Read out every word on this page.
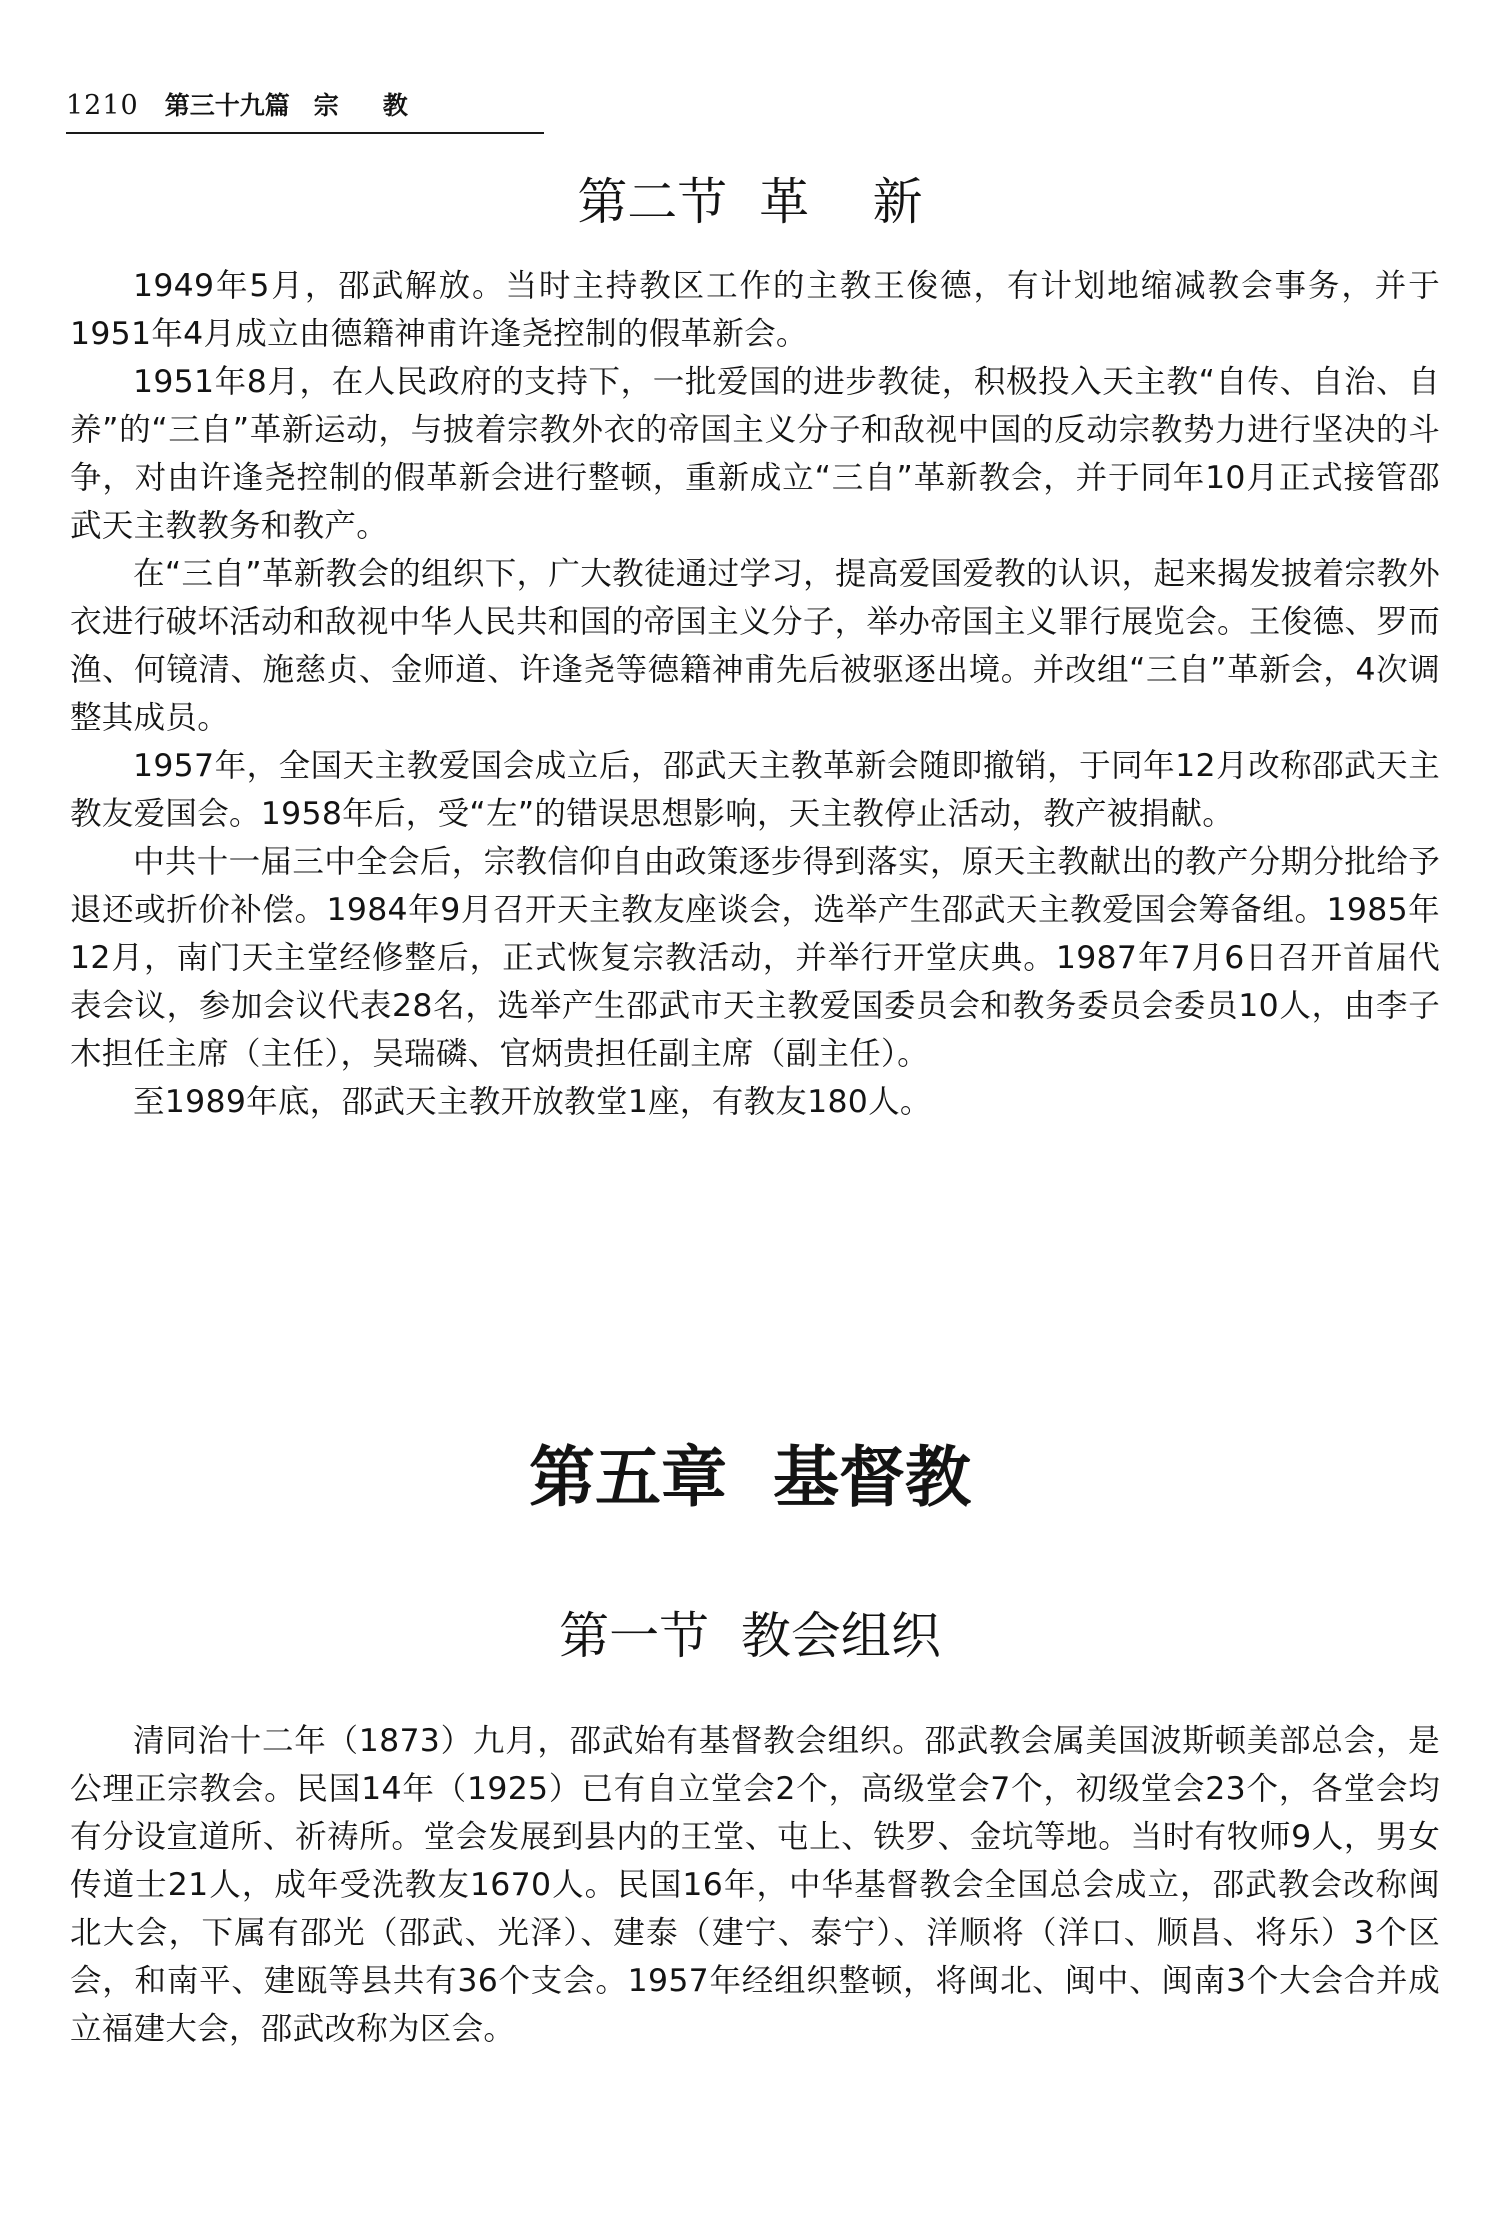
1210 第三十九篇 宗教
第二节  革    新

1949年5月，邵武解放。当时主持教区工作的主教王俊德，有计划地缩减教会事务，并于1951年4月成立由德籍神甫许逢尧控制的假革新会。

1951年8月，在人民政府的支持下，一批爱国的进步教徒，积极投入天主教“自传、自治、自养”的“三自”革新运动，与披着宗教外衣的帝国主义分子和敌视中国的反动宗教势力进行坚决的斗争，对由许逢尧控制的假革新会进行整顿，重新成立“三自”革新教会，并于同年10月正式接管邵武天主教教务和教产。

在“三自”革新教会的组织下，广大教徒通过学习，提高爱国爱教的认识，起来揭发披着宗教外衣进行破坏活动和敌视中华人民共和国的帝国主义分子，举办帝国主义罪行展览会。王俊德、罗而渔、何镜清、施慈贞、金师道、许逢尧等德籍神甫先后被驱逐出境。并改组“三自”革新会，4次调整其成员。

1957年，全国天主教爱国会成立后，邵武天主教革新会随即撤销，于同年12月改称邵武天主教友爱国会。1958年后，受“左”的错误思想影响，天主教停止活动，教产被捐献。

中共十一届三中全会后，宗教信仰自由政策逐步得到落实，原天主教献出的教产分期分批给予退还或折价补偿。1984年9月召开天主教友座谈会，选举产生邵武天主教爱国会筹备组。1985年12月，南门天主堂经修整后，正式恢复宗教活动，并举行开堂庆典。1987年7月6日召开首届代表会议，参加会议代表28名，选举产生邵武市天主教爱国委员会和教务委员会委员10人，由李子木担任主席（主任），吴瑞磷、官炳贵担任副主席（副主任）。

至1989年底，邵武天主教开放教堂1座，有教友180人。

第五章  基督教
第一节  教会组织

清同治十二年（1873）九月，邵武始有基督教会组织。邵武教会属美国波斯顿美部总会，是公理正宗教会。民国14年（1925）已有自立堂会2个，高级堂会7个，初级堂会23个，各堂会均有分设宣道所、祈祷所。堂会发展到县内的王堂、屯上、铁罗、金坑等地。当时有牧师9人，男女传道士21人，成年受洗教友1670人。民国16年，中华基督教会全国总会成立，邵武教会改称闽北大会，下属有邵光（邵武、光泽）、建泰（建宁、泰宁）、洋顺将（洋口、顺昌、将乐）3个区会，和南平、建瓯等县共有36个支会。1957年经组织整顿，将闽北、闽中、闽南3个大会合并成立福建大会，邵武改称为区会。
